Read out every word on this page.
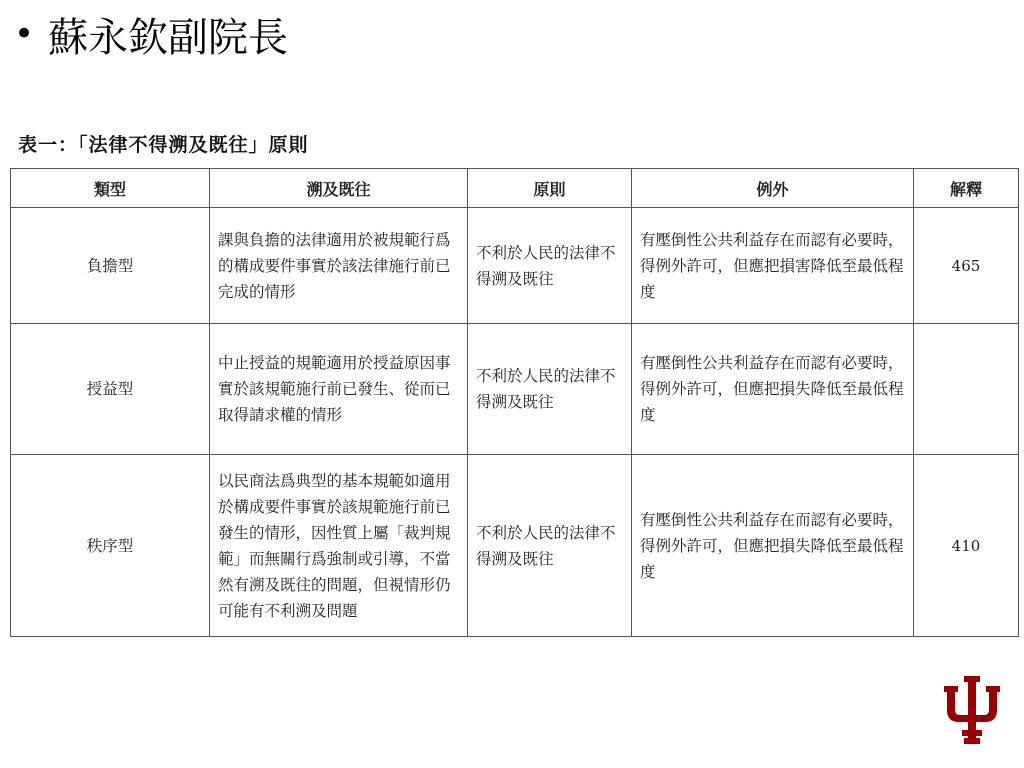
• 蘇永欽副院長
表一：「法律不得溯及既往」原則
類型	溯及既往	原則	例外	解釋
負擔型	課與負擔的法律適用於被規範行爲的構成要件事實於該法律施行前已完成的情形	不利於人民的法律不得溯及既往	有壓倒性公共利益存在而認有必要時，得例外許可，但應把損害降低至最低程度	465
授益型	中止授益的規範適用於授益原因事實於該規範施行前已發生、從而已取得請求權的情形	不利於人民的法律不得溯及既往	有壓倒性公共利益存在而認有必要時，得例外許可，但應把損失降低至最低程度	
秩序型	以民商法爲典型的基本規範如適用於構成要件事實於該規範施行前已發生的情形，因性質上屬「裁判規範」而無關行爲強制或引導，不當然有溯及既往的問題，但視情形仍可能有不利溯及問題	不利於人民的法律不得溯及既往	有壓倒性公共利益存在而認有必要時，得例外許可，但應把損失降低至最低程度	410
